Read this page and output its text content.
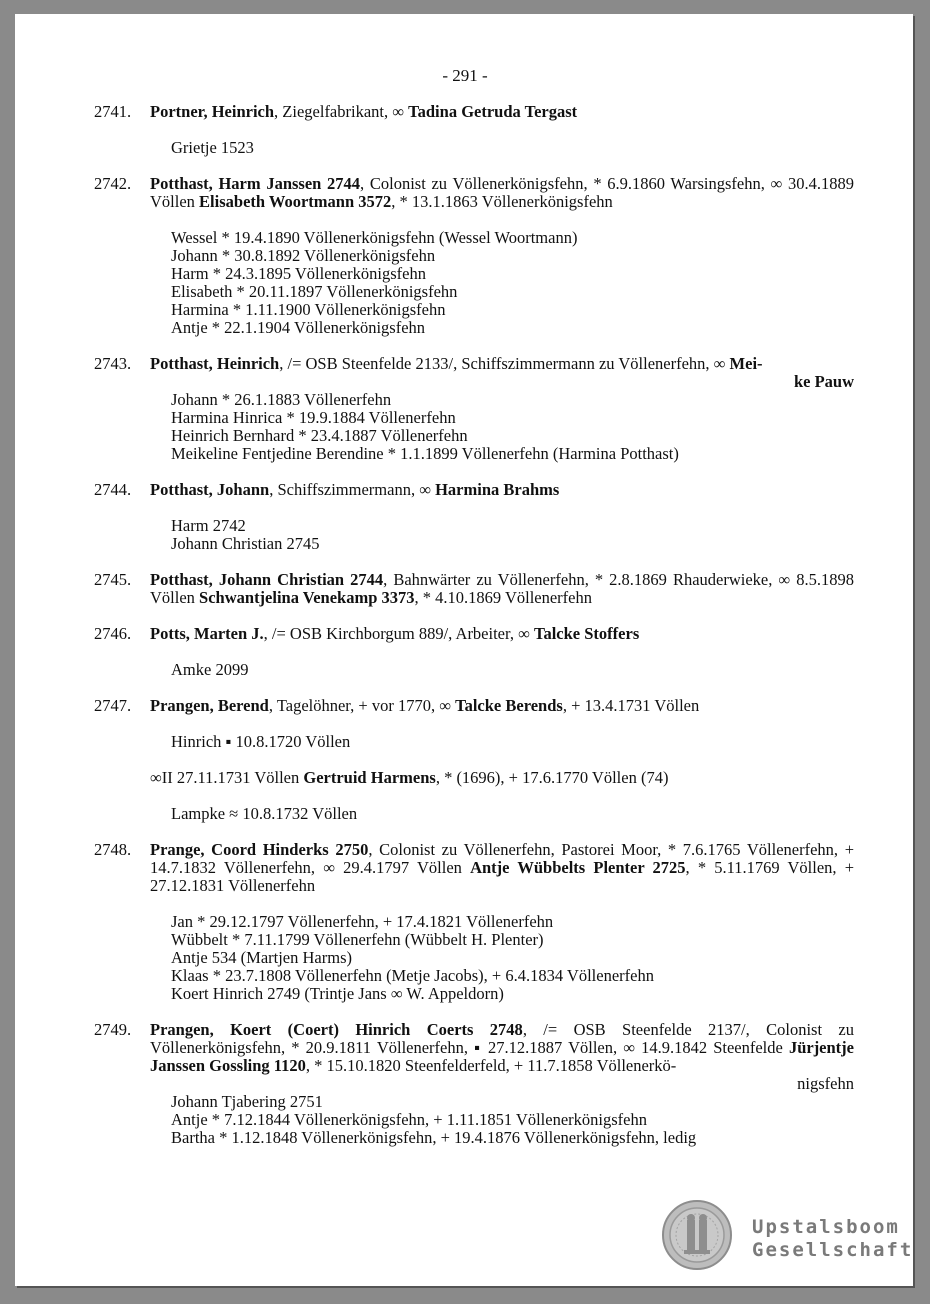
- 291 -
2741. Portner, Heinrich, Ziegelfabrikant, ∞ Tadina Getruda Tergast

Grietje 1523
2742. Potthast, Harm Janssen 2744, Colonist zu Völlenerkönigsfehn, * 6.9.1860 Warsingsfehn, ∞ 30.4.1889 Völlen Elisabeth Woortmann 3572, * 13.1.1863 Völlenerkönigsfehn

Wessel * 19.4.1890 Völlenerkönigsfehn (Wessel Woortmann)
Johann * 30.8.1892 Völlenerkönigsfehn
Harm * 24.3.1895 Völlenerkönigsfehn
Elisabeth * 20.11.1897 Völlenerkönigsfehn
Harmina * 1.11.1900 Völlenerkönigsfehn
Antje * 22.1.1904 Völlenerkönigsfehn
2743. Potthast, Heinrich, /= OSB Steenfelde 2133/, Schiffszimmermann zu Völlenerfehn, ∞ Mei-

ke Pauw

Johann * 26.1.1883 Völlenerfehn
Harmina Hinrica * 19.9.1884 Völlenerfehn
Heinrich Bernhard * 23.4.1887 Völlenerfehn
Meikeline Fentjedine Berendine * 1.1.1899 Völlenerfehn (Harmina Potthast)
2744. Potthast, Johann, Schiffszimmermann, ∞ Harmina Brahms

Harm 2742
Johann Christian 2745
2745. Potthast, Johann Christian 2744, Bahnwärter zu Völlenerfehn, * 2.8.1869 Rhauderwieke, ∞ 8.5.1898 Völlen Schwantjelina Venekamp 3373, * 4.10.1869 Völlenerfehn

2746. Potts, Marten J., /= OSB Kirchborgum 889/, Arbeiter, ∞ Talcke Stoffers

Amke 2099
2747. Prangen, Berend, Tagelöhner, + vor 1770, ∞ Talcke Berends, + 13.4.1731 Völlen

Hinrich ▪ 10.8.1720 Völlen
∞II 27.11.1731 Völlen Gertruid Harmens, * (1696), + 17.6.1770 Völlen (74)
Lampke ≈ 10.8.1732 Völlen
2748. Prange, Coord Hinderks 2750, Colonist zu Völlenerfehn, Pastorei Moor, * 7.6.1765 Völlenerfehn, + 14.7.1832 Völlenerfehn, ∞ 29.4.1797 Völlen Antje Wübbelts Plenter 2725, * 5.11.1769 Völlen, + 27.12.1831 Völlenerfehn

Jan * 29.12.1797 Völlenerfehn, + 17.4.1821 Völlenerfehn
Wübbelt * 7.11.1799 Völlenerfehn (Wübbelt H. Plenter)
Antje 534 (Martjen Harms)
Klaas * 23.7.1808 Völlenerfehn (Metje Jacobs), + 6.4.1834 Völlenerfehn
Koert Hinrich 2749 (Trintje Jans ∞ W. Appeldorn)
2749. Prangen, Koert (Coert) Hinrich Coerts 2748, /= OSB Steenfelde 2137/, Colonist zu Völlenerkönigsfehn, * 20.9.1811 Völlenerfehn, ▪ 27.12.1887 Völlen, ∞ 14.9.1842 Steenfelde Jürjentje Janssen Gossling 1120, * 15.10.1820 Steenfelderfeld, + 11.7.1858 Völlenerkö-

nigsfehn

Johann Tjabering 2751
Antje * 7.12.1844 Völlenerkönigsfehn, + 1.11.1851 Völlenerkönigsfehn
Bartha * 1.12.1848 Völlenerkönigsfehn, + 19.4.1876 Völlenerkönigsfehn, ledig
Upstalsboom
Gesellschaft
